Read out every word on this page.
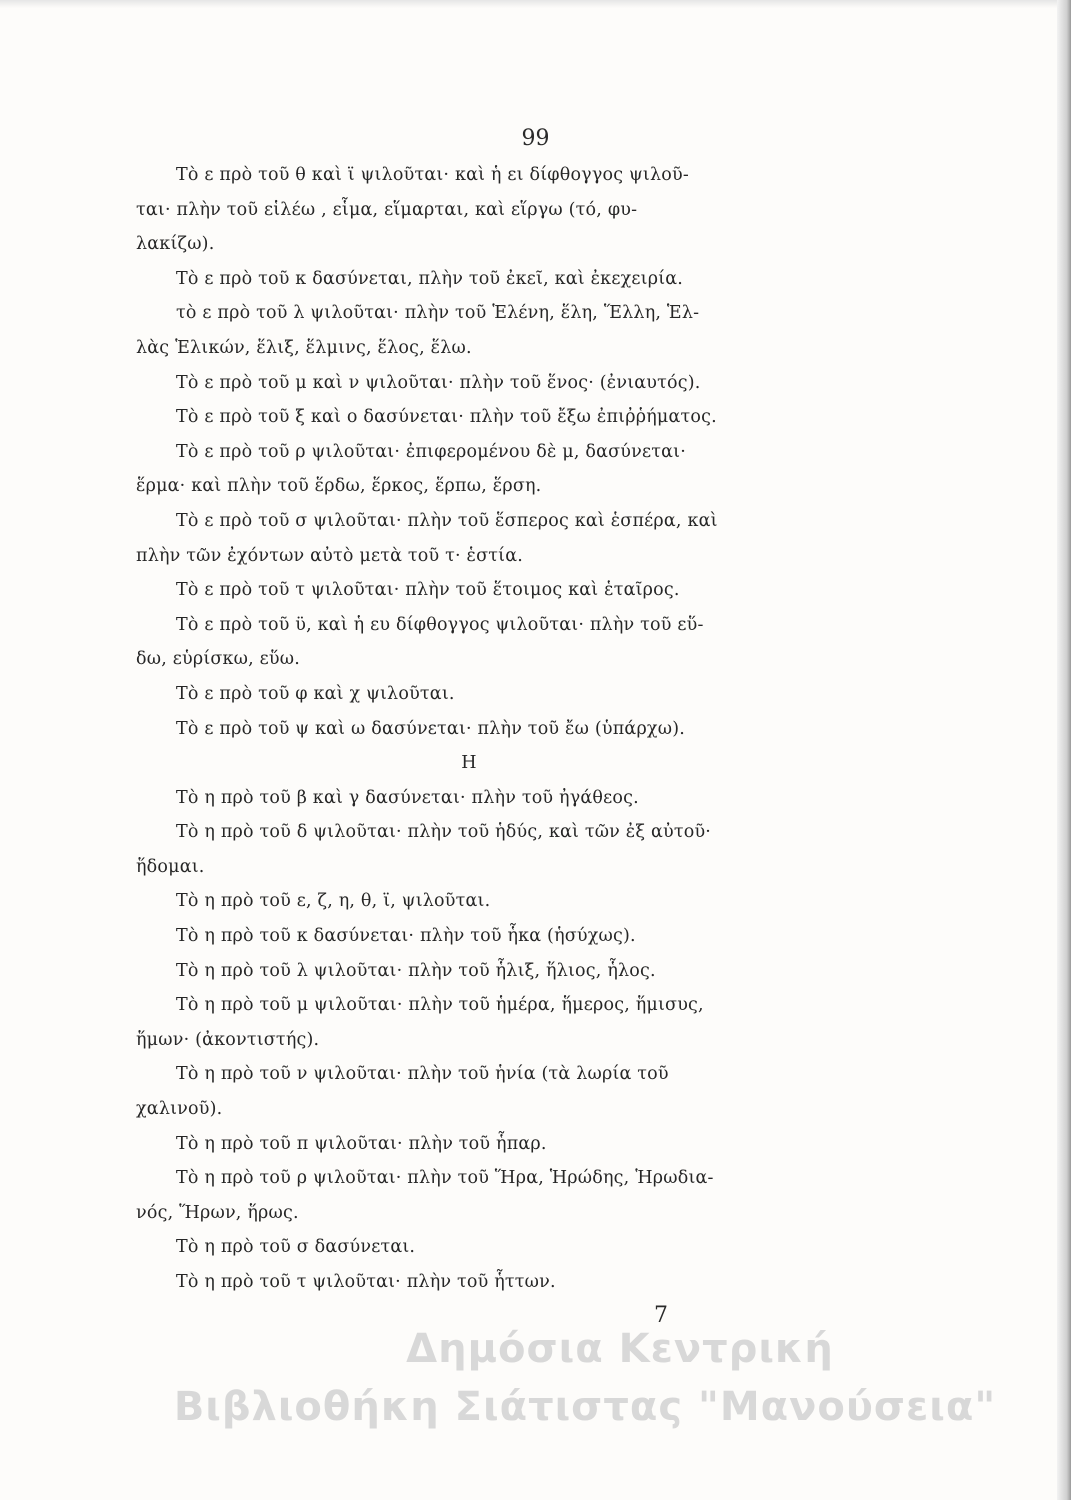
99
Τὸ ε πρὸ τοῦ θ καὶ ϊ ψιλοῦται· καὶ ἡ ει δίφθογγος ψιλοῦ-
ται· πλὴν τοῦ εἱλέω , εἷμα, εἵμαρται, καὶ εἵργω (τό, φυ-
λακίζω).
Τὸ ε πρὸ τοῦ κ δασύνεται, πλὴν τοῦ ἐκεῖ, καὶ ἐκεχειρία.
τὸ ε πρὸ τοῦ λ ψιλοῦται· πλὴν τοῦ Ἑλένη, ἕλη, Ἕλλη, Ἑλ-
λὰς Ἑλικών, ἕλιξ, ἕλμινς, ἕλος, ἕλω.
Τὸ ε πρὸ τοῦ μ καὶ ν ψιλοῦται· πλὴν τοῦ ἕνος· (ἐνιαυτός).
Τὸ ε πρὸ τοῦ ξ καὶ ο δασύνεται· πλὴν τοῦ ἔξω ἐπιῤῥήματος.
Τὸ ε πρὸ τοῦ ρ ψιλοῦται· ἐπιφερομένου δὲ μ, δασύνεται·
ἕρμα· καὶ πλὴν τοῦ ἕρδω, ἕρκος, ἕρπω, ἕρση.
Τὸ ε πρὸ τοῦ σ ψιλοῦται· πλὴν τοῦ ἕσπερος καὶ ἑσπέρα, καὶ
πλὴν τῶν ἐχόντων αὐτὸ μετὰ τοῦ τ· ἑστία.
Τὸ ε πρὸ τοῦ τ ψιλοῦται· πλὴν τοῦ ἕτοιμος καὶ ἑταῖρος.
Τὸ ε πρὸ τοῦ ϋ, καὶ ἡ ευ δίφθογγος ψιλοῦται· πλὴν τοῦ εὕ-
δω, εὑρίσκω, εὕω.
Τὸ ε πρὸ τοῦ φ καὶ χ ψιλοῦται.
Τὸ ε πρὸ τοῦ ψ καὶ ω δασύνεται· πλὴν τοῦ ἔω (ὑπάρχω).
Η
Τὸ η πρὸ τοῦ β καὶ γ δασύνεται· πλὴν τοῦ ἠγάθεος.
Τὸ η πρὸ τοῦ δ ψιλοῦται· πλὴν τοῦ ἡδύς, καὶ τῶν ἐξ αὐτοῦ·
ἥδομαι.
Τὸ η πρὸ τοῦ ε, ζ, η, θ, ϊ, ψιλοῦται.
Τὸ η πρὸ τοῦ κ δασύνεται· πλὴν τοῦ ἧκα (ἡσύχως).
Τὸ η πρὸ τοῦ λ ψιλοῦται· πλὴν τοῦ ἧλιξ, ἥλιος, ἧλος.
Τὸ η πρὸ τοῦ μ ψιλοῦται· πλὴν τοῦ ἡμέρα, ἥμερος, ἥμισυς,
ἥμων· (ἀκοντιστής).
Τὸ η πρὸ τοῦ ν ψιλοῦται· πλὴν τοῦ ἡνία (τὰ λωρία τοῦ
χαλινοῦ).
Τὸ η πρὸ τοῦ π ψιλοῦται· πλὴν τοῦ ἧπαρ.
Τὸ η πρὸ τοῦ ρ ψιλοῦται· πλὴν τοῦ Ἥρα, Ἡρώδης, Ἡρωδια-
νός, Ἥρων, ἥρως.
Τὸ η πρὸ τοῦ σ δασύνεται.
Τὸ η πρὸ τοῦ τ ψιλοῦται· πλὴν τοῦ ἧττων.
7
Δημόσια Κεντρική
Βιβλιοθήκη Σιάτιστας "Μανούσεια"
